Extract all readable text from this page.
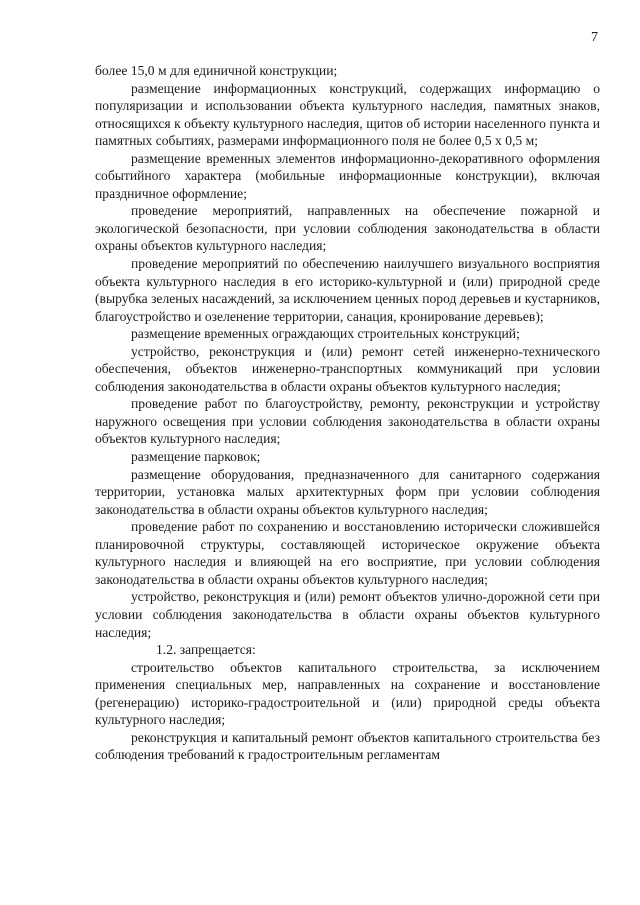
7

более 15,0 м для единичной конструкции;

размещение информационных конструкций, содержащих информацию о популяризации и использовании объекта культурного наследия, памятных знаков, относящихся к объекту культурного наследия, щитов об истории населенного пункта и памятных событиях, размерами информационного поля не более 0,5 х 0,5 м;

размещение временных элементов информационно-декоративного оформления событийного характера (мобильные информационные конструкции), включая праздничное оформление;

проведение мероприятий, направленных на обеспечение пожарной и экологической безопасности, при условии соблюдения законодательства в области охраны объектов культурного наследия;

проведение мероприятий по обеспечению наилучшего визуального восприятия объекта культурного наследия в его историко-культурной и (или) природной среде (вырубка зеленых насаждений, за исключением ценных пород деревьев и кустарников, благоустройство и озеленение территории, санация, кронирование деревьев);

размещение временных ограждающих строительных конструкций;

устройство, реконструкция и (или) ремонт сетей инженерно-технического обеспечения, объектов инженерно-транспортных коммуникаций при условии соблюдения законодательства в области охраны объектов культурного наследия;

проведение работ по благоустройству, ремонту, реконструкции и устройству наружного освещения при условии соблюдения законодательства в области охраны объектов культурного наследия;

размещение парковок;

размещение оборудования, предназначенного для санитарного содержания территории, установка малых архитектурных форм при условии соблюдения законодательства в области охраны объектов культурного наследия;

проведение работ по сохранению и восстановлению исторически сложившейся планировочной структуры, составляющей историческое окружение объекта культурного наследия и влияющей на его восприятие, при условии соблюдения законодательства в области охраны объектов культурного наследия;

устройство, реконструкция и (или) ремонт объектов улично-дорожной сети при условии соблюдения законодательства в области охраны объектов культурного наследия;

1.2. запрещается:

строительство объектов капитального строительства, за исключением применения специальных мер, направленных на сохранение и восстановление (регенерацию) историко-градостроительной и (или) природной среды объекта культурного наследия;

реконструкция и капитальный ремонт объектов капитального строительства без соблюдения требований к градостроительным регламентам
